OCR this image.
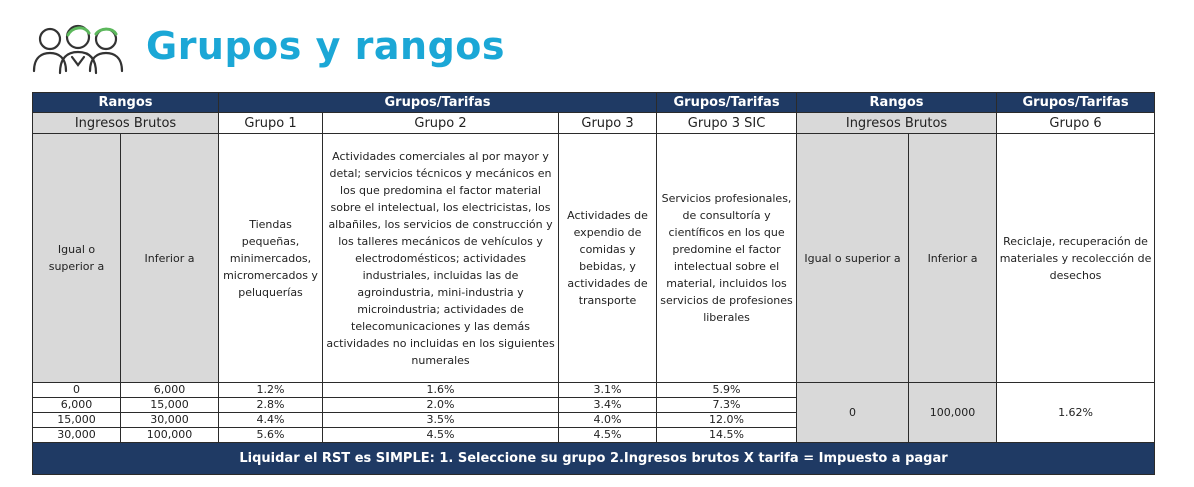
Grupos y rangos
Rangos		Grupos/Tarifas			Grupos/Tarifas	Rangos		Grupos/Tarifas
Ingresos Brutos		Grupo 1	Grupo 2	Grupo 3	Grupo 3 SIC	Ingresos Brutos		Grupo 6
Igual o superior a	Inferior a	Tiendas pequeñas, minimercados, micromercados y peluquerías	Actividades comerciales al por mayor y detal; servicios técnicos y mecánicos en los que predomina el factor material sobre el intelectual, los electricistas, los albañiles, los servicios de construcción y los talleres mecánicos de vehículos y electrodomésticos; actividades industriales, incluidas las de agroindustria, mini-industria y microindustria; actividades de telecomunicaciones y las demás actividades no incluidas en los siguientes numerales	Actividades de expendio de comidas y bebidas, y actividades de transporte	Servicios profesionales, de consultoría y científicos en los que predomine el factor intelectual sobre el material, incluidos los servicios de profesiones liberales	Igual o superior a	Inferior a	Reciclaje, recuperación de materiales y recolección de desechos
0	6,000	1.2%	1.6%	3.1%	5.9%	0	100,000	1.62%
6,000	15,000	2.8%	2.0%	3.4%	7.3%			
15,000	30,000	4.4%	3.5%	4.0%	12.0%			
30,000	100,000	5.6%	4.5%	4.5%	14.5%			
Liquidar el RST es SIMPLE: 1. Seleccione su grupo 2.Ingresos brutos X tarifa = Impuesto a pagar								
